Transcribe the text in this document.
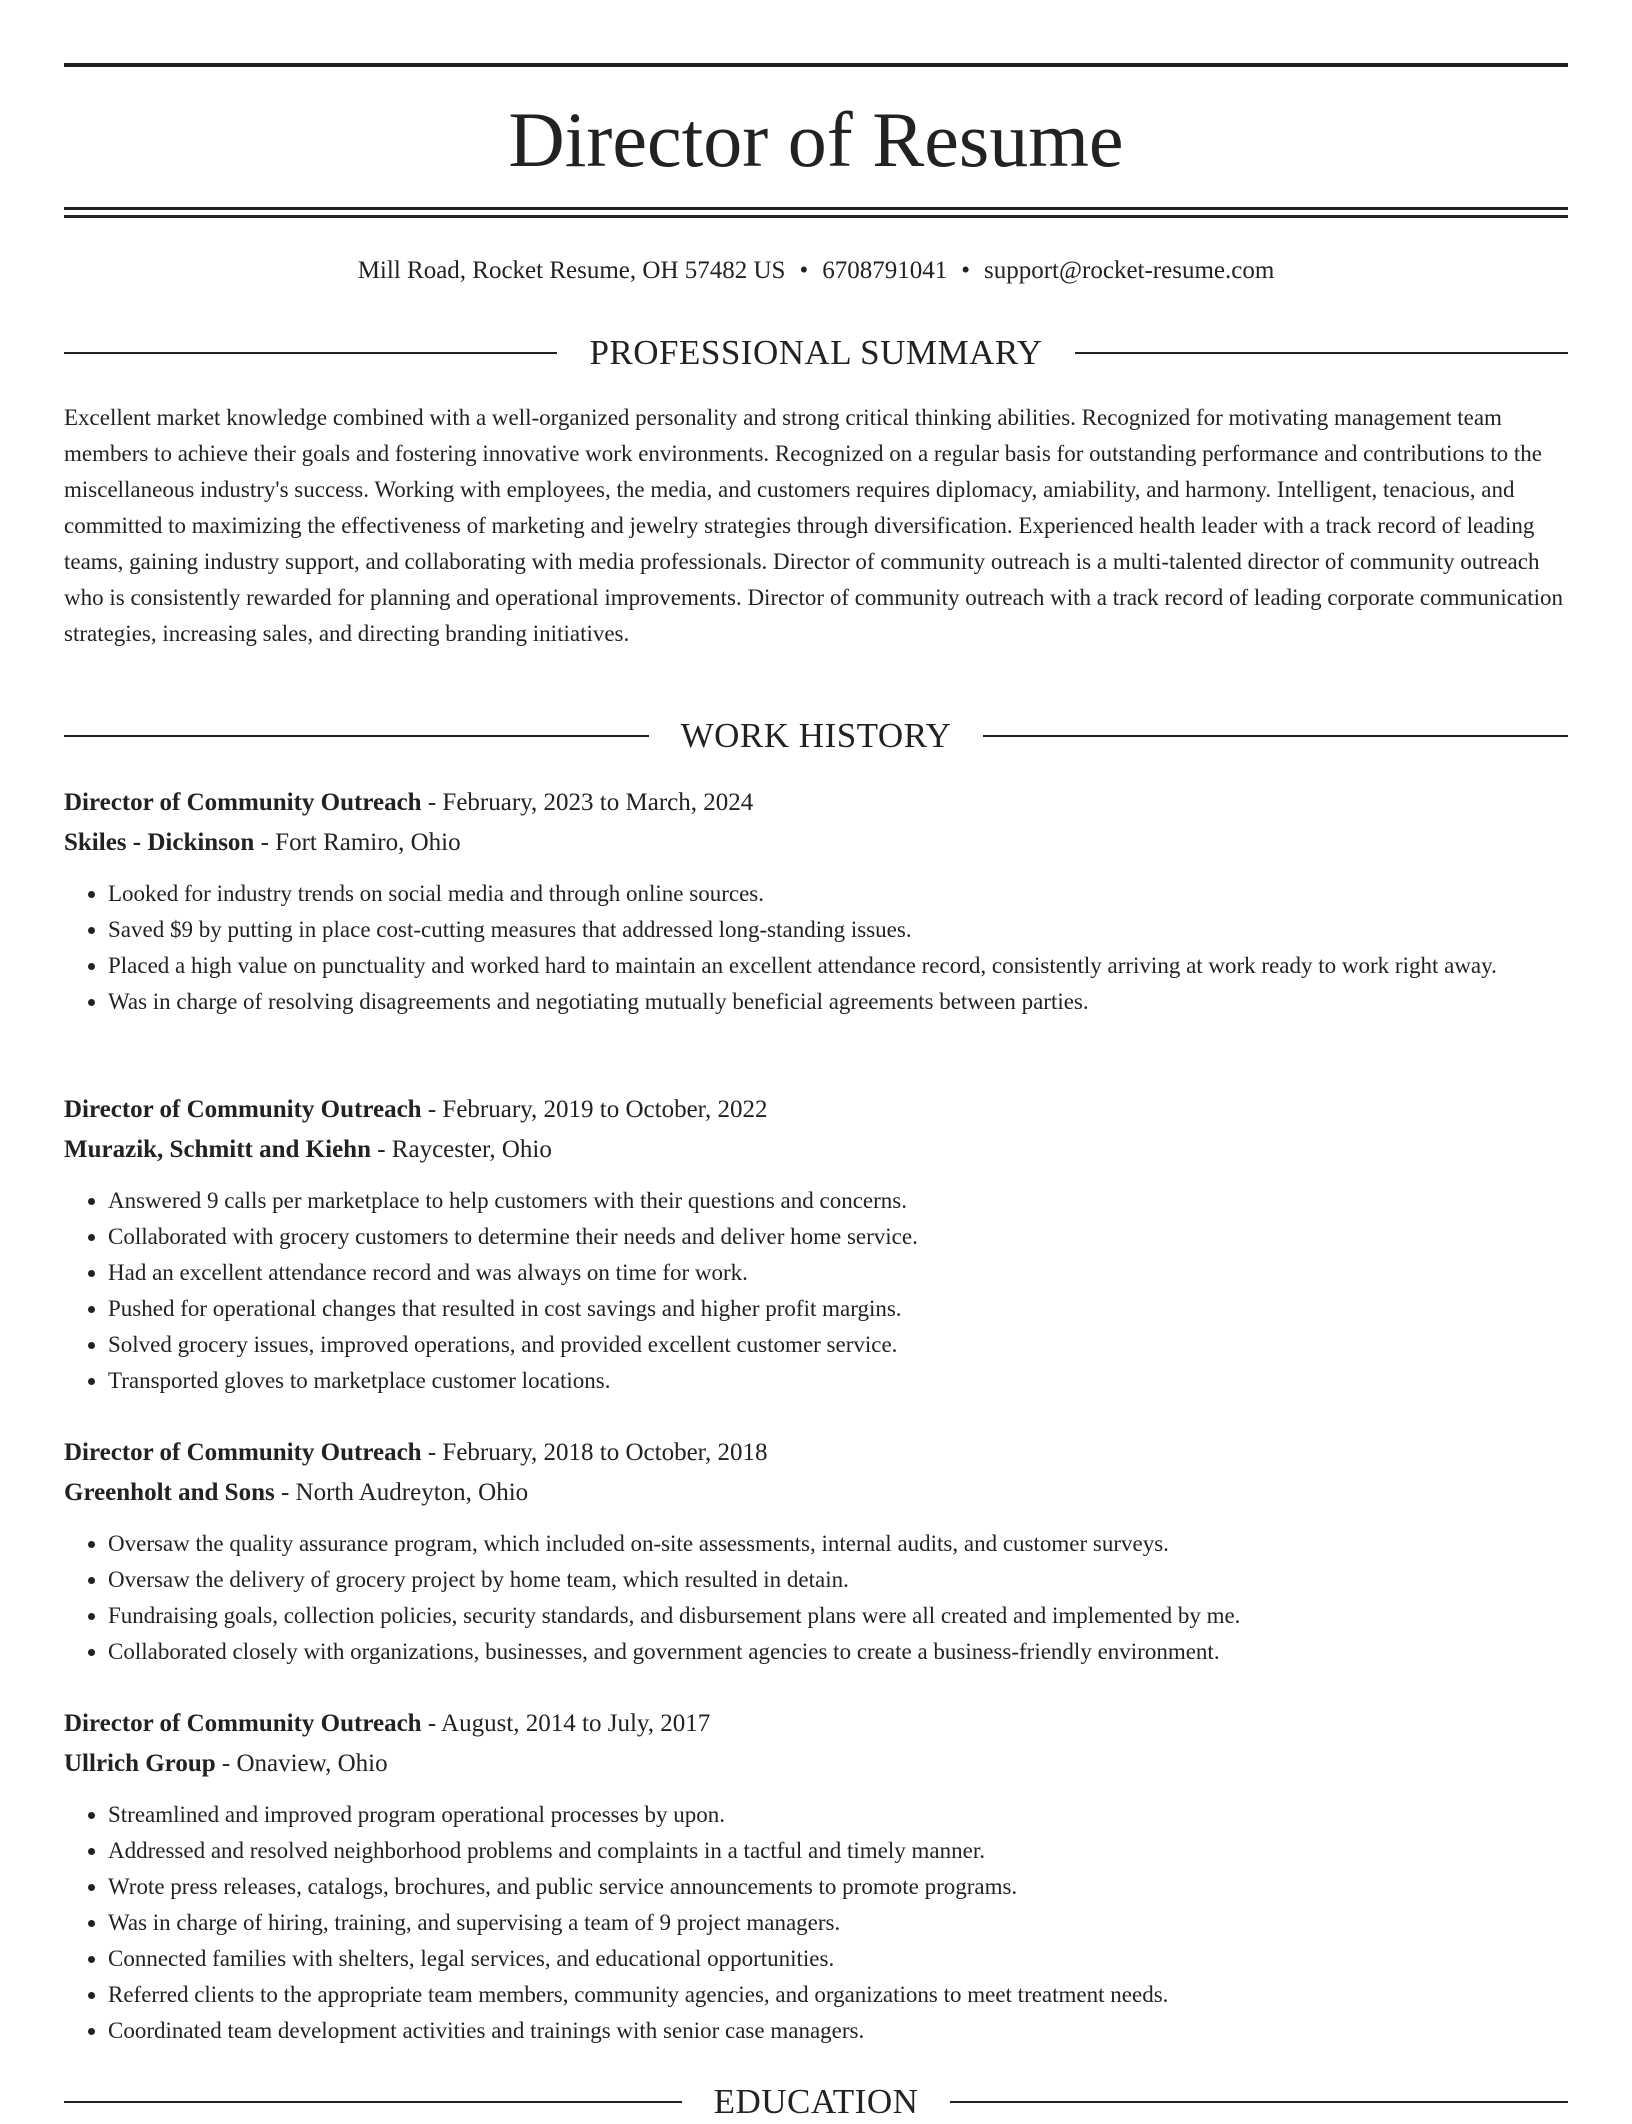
Director of Resume
Mill Road, Rocket Resume, OH 57482 US • 6708791041 • support@rocket-resume.com
PROFESSIONAL SUMMARY

Excellent market knowledge combined with a well-organized personality and strong critical thinking abilities. Recognized for motivating management team members to achieve their goals and fostering innovative work environments. Recognized on a regular basis for outstanding performance and contributions to the miscellaneous industry's success. Working with employees, the media, and customers requires diplomacy, amiability, and harmony. Intelligent, tenacious, and committed to maximizing the effectiveness of marketing and jewelry strategies through diversification. Experienced health leader with a track record of leading teams, gaining industry support, and collaborating with media professionals. Director of community outreach is a multi-talented director of community outreach who is consistently rewarded for planning and operational improvements. Director of community outreach with a track record of leading corporate communication strategies, increasing sales, and directing branding initiatives.

WORK HISTORY
Director of Community Outreach - February, 2023 to March, 2024
Skiles - Dickinson - Fort Ramiro, Ohio
• Looked for industry trends on social media and through online sources.
• Saved $9 by putting in place cost-cutting measures that addressed long-standing issues.
• Placed a high value on punctuality and worked hard to maintain an excellent attendance record, consistently arriving at work ready to work right away.
• Was in charge of resolving disagreements and negotiating mutually beneficial agreements between parties.
Director of Community Outreach - February, 2019 to October, 2022
Murazik, Schmitt and Kiehn - Raycester, Ohio
• Answered 9 calls per marketplace to help customers with their questions and concerns.
• Collaborated with grocery customers to determine their needs and deliver home service.
• Had an excellent attendance record and was always on time for work.
• Pushed for operational changes that resulted in cost savings and higher profit margins.
• Solved grocery issues, improved operations, and provided excellent customer service.
• Transported gloves to marketplace customer locations.
Director of Community Outreach - February, 2018 to October, 2018
Greenholt and Sons - North Audreyton, Ohio
• Oversaw the quality assurance program, which included on-site assessments, internal audits, and customer surveys.
• Oversaw the delivery of grocery project by home team, which resulted in detain.
• Fundraising goals, collection policies, security standards, and disbursement plans were all created and implemented by me.
• Collaborated closely with organizations, businesses, and government agencies to create a business-friendly environment.
Director of Community Outreach - August, 2014 to July, 2017
Ullrich Group - Onaview, Ohio
• Streamlined and improved program operational processes by upon.
• Addressed and resolved neighborhood problems and complaints in a tactful and timely manner.
• Wrote press releases, catalogs, brochures, and public service announcements to promote programs.
• Was in charge of hiring, training, and supervising a team of 9 project managers.
• Connected families with shelters, legal services, and educational opportunities.
• Referred clients to the appropriate team members, community agencies, and organizations to meet treatment needs.
• Coordinated team development activities and trainings with senior case managers.
EDUCATION
